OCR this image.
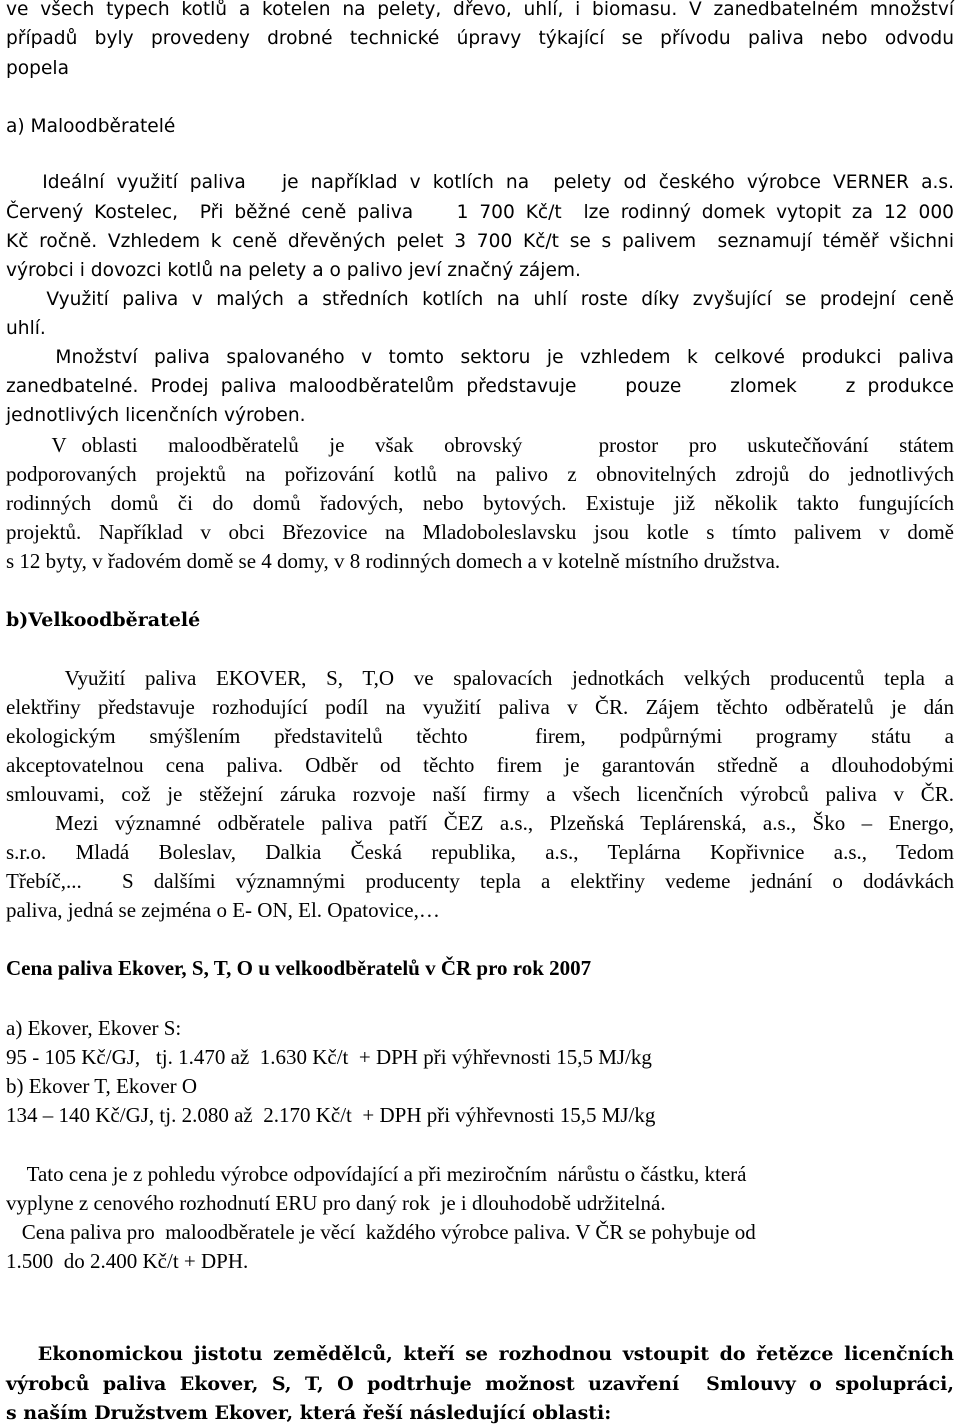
ve všech typech kotlů a kotelen na pelety, dřevo, uhlí, i biomasu. V zanedbatelném množství
případů byly provedeny drobné technické úpravy týkající se přívodu paliva nebo odvodu
popela
a) Maloodběratelé
Ideální využití paliva   je například v kotlích na  pelety od českého výrobce VERNER a.s.
Červený Kostelec,  Při běžné ceně paliva    1 700 Kč/t  lze rodinný domek vytopit za 12 000
Kč ročně. Vzhledem k ceně dřevěných pelet 3 700 Kč/t se s palivem  seznamují téměř všichni
výrobci i dovozci kotlů na pelety a o palivo jeví značný zájem.
Využití paliva v malých a středních kotlích na uhlí roste díky zvyšující se prodejní ceně
uhlí.
Množství paliva spalovaného v tomto sektoru je vzhledem k celkové produkci paliva
zanedbatelné. Prodej paliva maloodběratelům představuje    pouze    zlomek    z produkce
jednotlivých licenčních výroben.
V oblasti  maloodběratelů  je  však  obrovský     prostor  pro  uskutečňování  státem
podporovaných projektů na pořizování kotlů na palivo z obnovitelných zdrojů do jednotlivých
rodinných domů či do domů řadových, nebo bytových. Existuje již několik takto fungujících
projektů. Například v obci Březovice na Mladoboleslavsku jsou kotle s tímto palivem v domě
s 12 byty, v řadovém domě se 4 domy, v 8 rodinných domech a v kotelně místního družstva.
b)Velkoodběratelé
Využití paliva EKOVER, S, T,O ve spalovacích jednotkách velkých producentů tepla a
elektřiny představuje rozhodující podíl na využití paliva v ČR. Zájem těchto odběratelů je dán
ekologickým  smýšlením  představitelů  těchto    firem,  podpůrnými  programy  státu  a
akceptovatelnou cena paliva. Odběr od těchto firem je garantován středně a dlouhodobými
smlouvami, což je stěžejní záruka rozvoje naší firmy a všech licenčních výrobců paliva v ČR.
Mezi významné odběratele paliva patří ČEZ a.s., Plzeňská Teplárenská, a.s., Ško – Energo,
s.r.o.  Mladá  Boleslav,  Dalkia  Česká  republika,  a.s.,  Teplárna  Kopřivnice  a.s.,  Tedom
Třebíč,...  S dalšími významnými producenty tepla a elektřiny vedeme jednání o dodávkách
paliva, jedná se zejména o E- ON, El. Opatovice,…
Cena paliva Ekover, S, T, O u velkoodběratelů v ČR pro rok 2007
a) Ekover, Ekover S:
95 - 105 Kč/GJ,   tj. 1.470 až  1.630 Kč/t  + DPH při výhřevnosti 15,5 MJ/kg
b) Ekover T, Ekover O
134 – 140 Kč/GJ, tj. 2.080 až  2.170 Kč/t  + DPH při výhřevnosti 15,5 MJ/kg
Tato cena je z pohledu výrobce odpovídající a při meziročním  nárůstu o částku, která
vyplyne z cenového rozhodnutí ERU pro daný rok  je i dlouhodobě udržitelná.
Cena paliva pro  maloodběratele je věcí  každého výrobce paliva. V ČR se pohybuje od
1.500  do 2.400 Kč/t + DPH.
Ekonomickou jistotu zemědělců, kteří se rozhodnou vstoupit do řetězce licenčních
výrobců paliva Ekover, S, T, O podtrhuje možnost uzavření  Smlouvy o spolupráci,
s naším Družstvem Ekover, která řeší následující oblasti:
